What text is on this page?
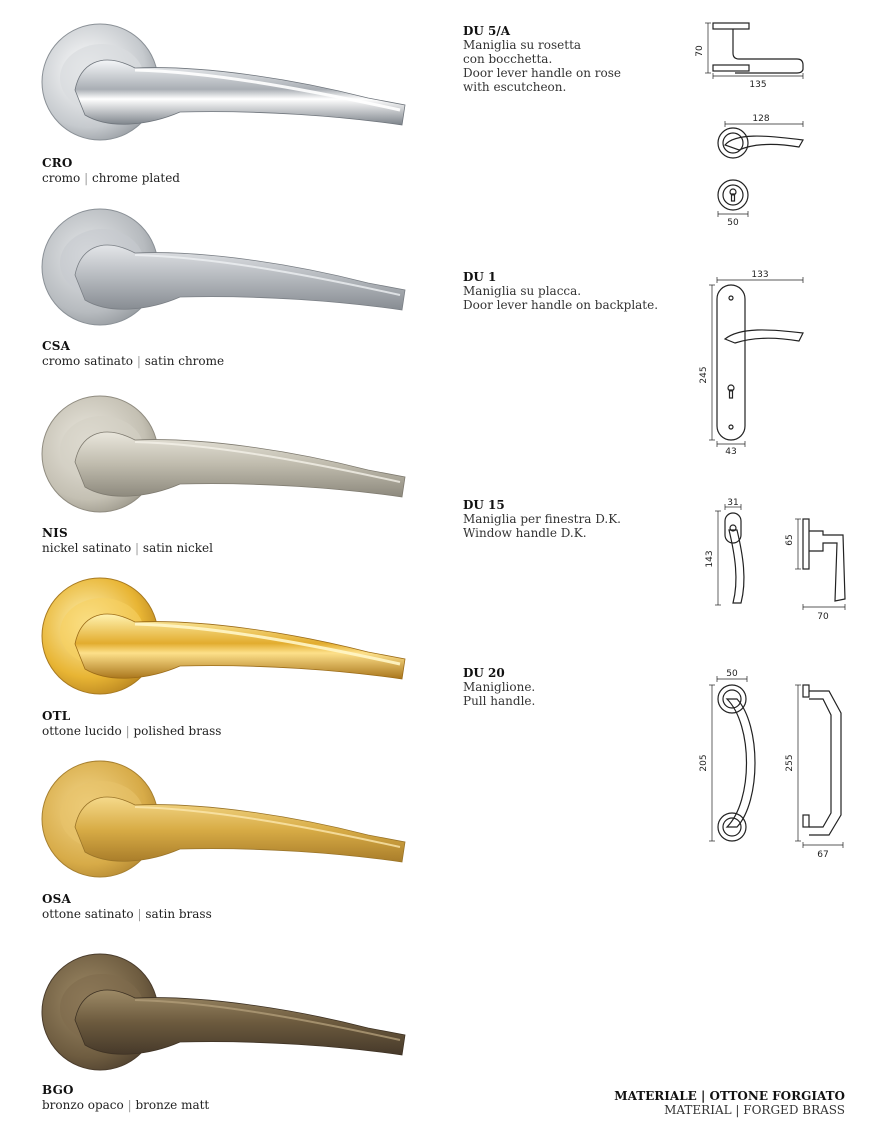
CRO
cromo | chrome plated
CSA
cromo satinato | satin chrome
NIS
nickel satinato | satin nickel
OTL
ottone lucido | polished brass
OSA
ottone satinato | satin brass
BGO
bronzo opaco | bronze matt
DU 5/A
Maniglia su rosetta
con bocchetta.
Door lever handle on rose
with escutcheon.
DU 1
Maniglia su placca.
Door lever handle on backplate.
DU 15
Maniglia per finestra D.K.
Window handle D.K.
DU 20
Maniglione.
Pull handle.
70
135
128
50
133
245
43
31
143
65
70
50
205	255
67
MATERIALE | OTTONE FORGIATO
MATERIAL | FORGED BRASS
